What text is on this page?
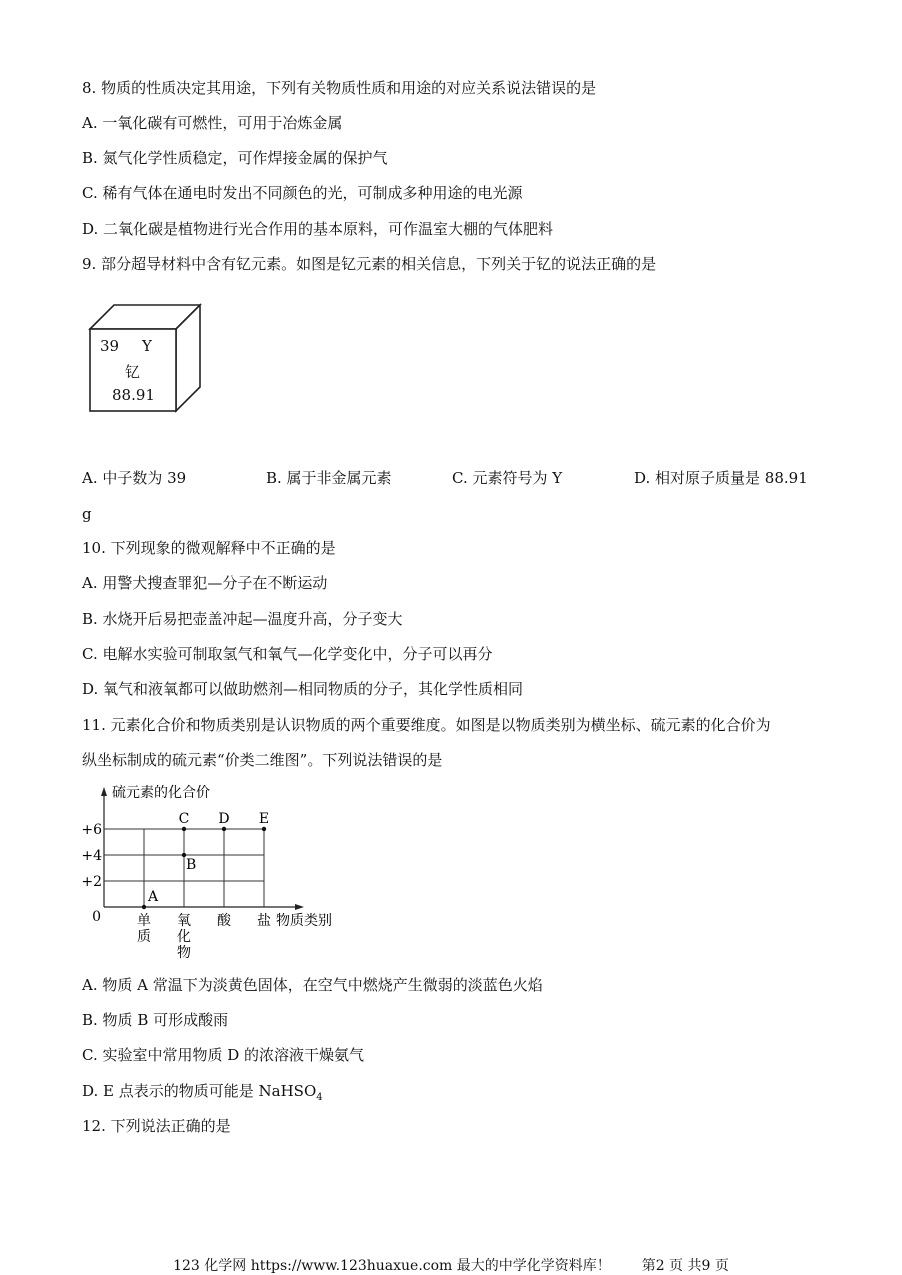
8. 物质的性质决定其用途，下列有关物质性质和用途的对应关系说法错误的是
A. 一氧化碳有可燃性，可用于冶炼金属
B. 氮气化学性质稳定，可作焊接金属的保护气
C. 稀有气体在通电时发出不同颜色的光，可制成多种用途的电光源
D. 二氧化碳是植物进行光合作用的基本原料，可作温室大棚的气体肥料
9. 部分超导材料中含有钇元素。如图是钇元素的相关信息，下列关于钇的说法正确的是
39 Y
钇
88.91
A. 中子数为 39	B. 属于非金属元素	C. 元素符号为 Y	D. 相对原子质量是 88.91
g
10. 下列现象的微观解释中不正确的是
A. 用警犬搜查罪犯—分子在不断运动
B. 水烧开后易把壶盖冲起—温度升高，分子变大
C. 电解水实验可制取氢气和氧气—化学变化中，分子可以再分
D. 氧气和液氧都可以做助燃剂—相同物质的分子，其化学性质相同
11. 元素化合价和物质类别是认识物质的两个重要维度。如图是以物质类别为横坐标、硫元素的化合价为
纵坐标制成的硫元素“价类二维图”。下列说法错误的是
+2
+4
+6
0
硫元素的化合价
单
质
氧
化
物
酸 盐 物质类别
A
B
C D E
A. 物质 A 常温下为淡黄色固体，在空气中燃烧产生微弱的淡蓝色火焰
B. 物质 B 可形成酸雨
C. 实验室中常用物质 D 的浓溶液干燥氨气
D. E 点表示的物质可能是 NaHSO$_4$
12. 下列说法正确的是
123 化学网 https://www.123huaxue.com 最大的中学化学资料库！ 第2 页 共9 页
